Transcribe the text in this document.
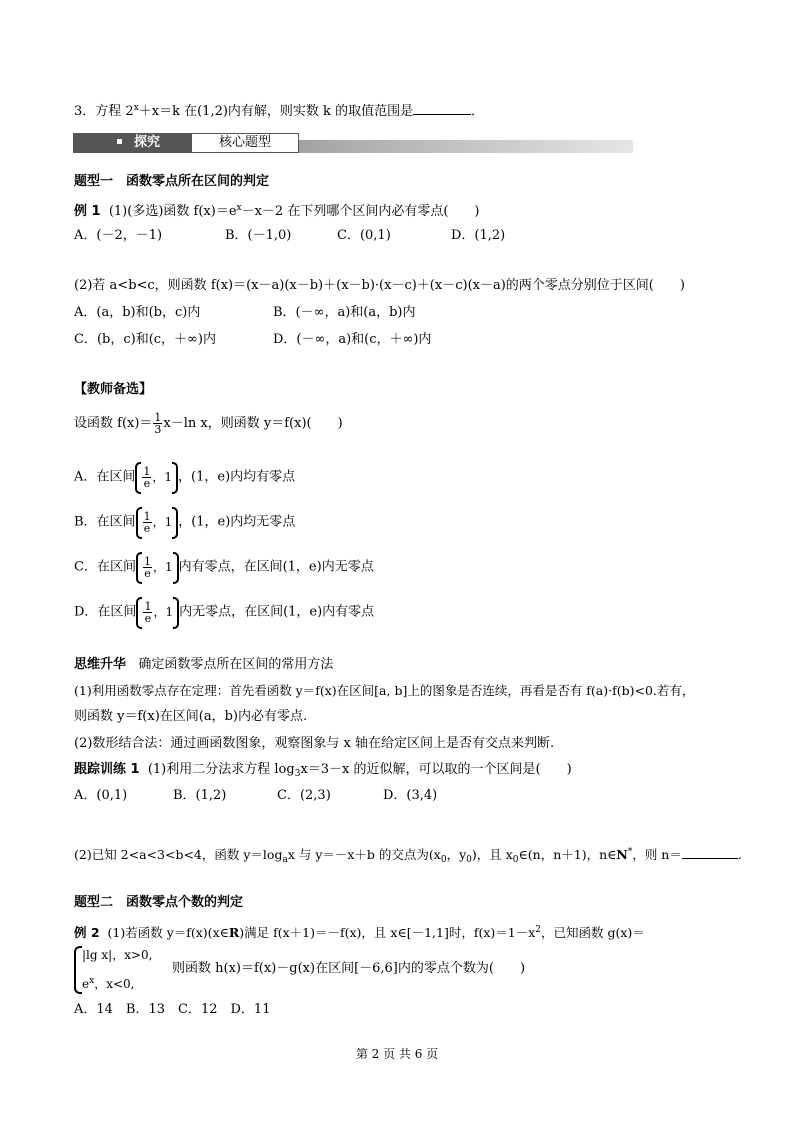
3．方程 $2^x+x=k$ 在(1,2)内有解，则实数 k 的取值范围是	．
探究	核心题型
题型一　函数零点所在区间的判定
例 1 (1)(多选)函数 $f(x)=e^x-x-2$ 在下列哪个区间内必有零点(　　)
A．(－2，－1)	B．(－1,0)	C．(0,1)	D．(1,2)
(2)若 a<b<c，则函数 f(x)＝(x－a)(x－b)＋(x－b)·(x－c)＋(x－c)(x－a)的两个零点分别位于区间(　　)
A．(a，b)和(b，c)内	B．(－∞，a)和(a，b)内
C．(b，c)和(c，＋∞)内	D．(－∞，a)和(c，＋∞)内
【教师备选】
设函数 $f(x)= \frac{1}{3} x-\ln$ x，则函数 y＝f(x)(　　)
A．在区间 $\frac{1}{e}$ ，1 ，(1，e)内均有零点
B．在区间 $\frac{1}{e}$ ，1 ，(1，e)内均无零点
C．在区间 $\frac{1}{e}$ ，1 内有零点，在区间(1，e)内无零点
D．在区间 $\frac{1}{e}$ ，1 内无零点，在区间(1，e)内有零点
思维升华 确定函数零点所在区间的常用方法
(1)利用函数零点存在定理：首先看函数 y＝f(x)在区间[a, b]上的图象是否连续，再看是否有 f(a)·f(b)<0.若有，
则函数 y＝f(x)在区间(a，b)内必有零点.
(2)数形结合法：通过画函数图象，观察图象与 x 轴在给定区间上是否有交点来判断.
跟踪训练 1 (1)利用二分法求方程 $\log_3x=3-x$ 的近似解，可以取的一个区间是(　　)
A．(0,1)	B．(1,2)	C．(2,3)	D．(3,4)
(2)已知 2<a<3<b<4，函数 $y=\log_ax$ 与 y＝－x＋b 的交点为($x_0$，$y_0$)，且 $x_0\in(n$，n＋1)，n∈N*，则 n＝	.
题型二　函数零点个数的判定
例 2 (1)若函数 y＝f(x)(x∈R)满足 f(x＋1)＝－f(x)，且 x∈[－1,1]时，$f(x)=1-x^2$，已知函数 g(x)＝
|lg x|，x>0,
$e^x$，x<0,
则函数 h(x)＝f(x)－g(x)在区间[－6,6]内的零点个数为(　　)
A．14　B．13　C．12　D．11
第 2 页 共 6 页
